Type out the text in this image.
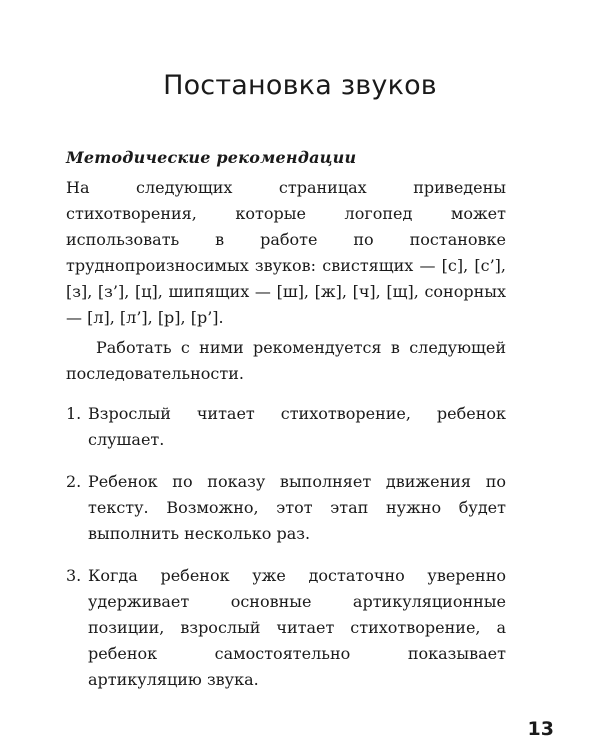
Постановка звуков
Методические рекомендации

На следующих страницах приведены стихотворения, которые логопед может использовать в работе по постановке труднопроизносимых звуков: свистящих — [с], [с’], [з], [з’], [ц], шипящих — [ш], [ж], [ч], [щ], сонорных — [л], [л’], [р], [р’].

Работать с ними рекомендуется в следующей последовательности.

1. Взрослый читает стихотворение, ребенок слушает.
2. Ребенок по показу выполняет движения по тексту. Возможно, этот этап нужно будет выполнить несколько раз.
3. Когда ребенок уже достаточно уверенно удерживает основные артикуляционные позиции, взрослый читает стихотворение, а ребенок самостоятельно показывает артикуляцию звука.
13
